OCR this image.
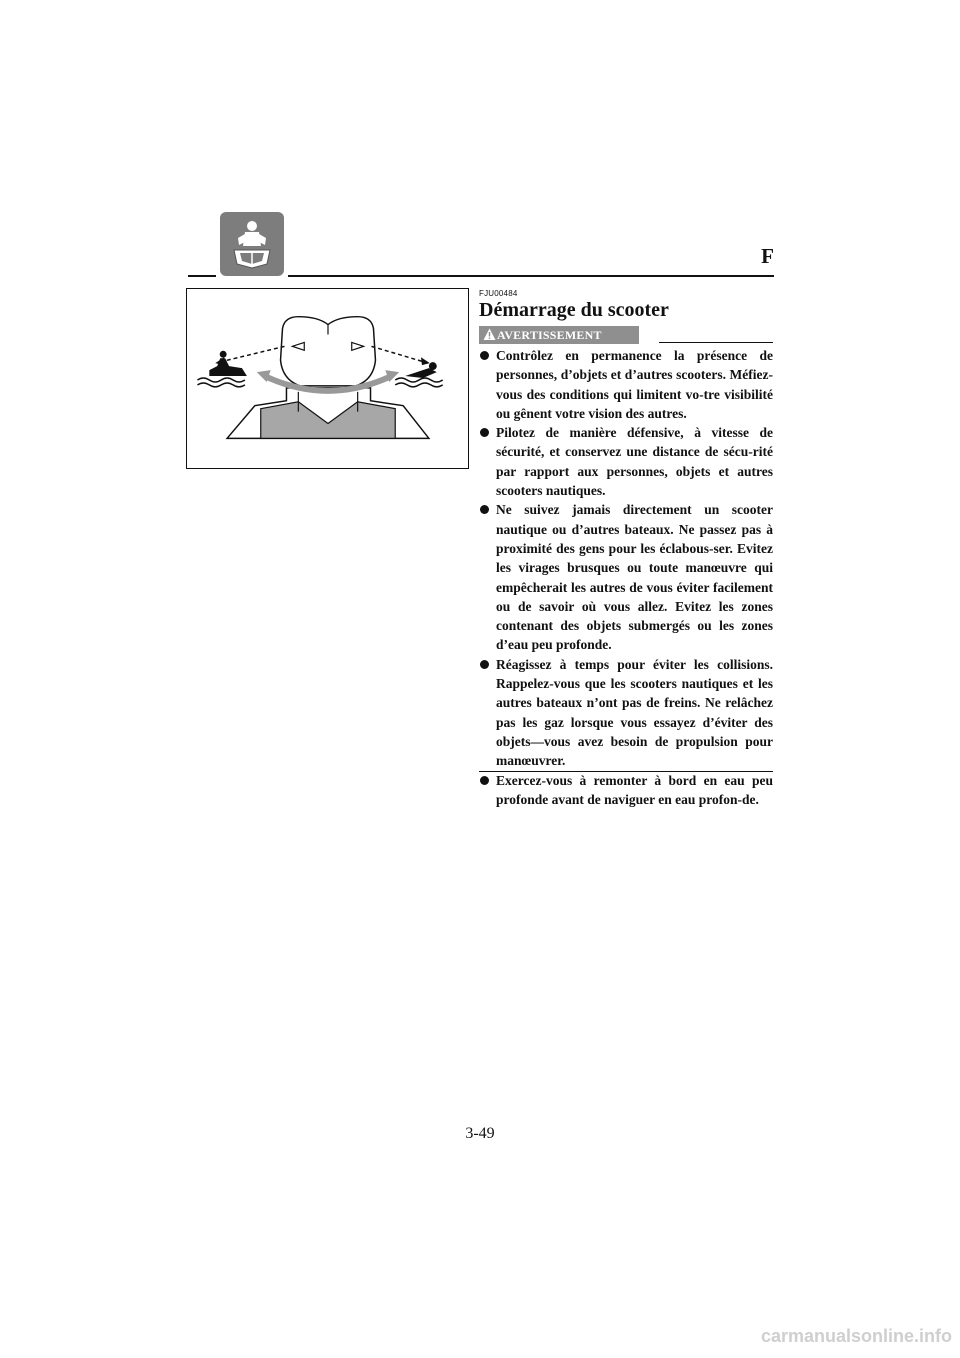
F
FJU00484
Démarrage du scooter
AVERTISSEMENT
Contrôlez en permanence la présence de personnes, d’objets et d’autres scooters. Méfiez-vous des conditions qui limitent vo-tre visibilité ou gênent votre vision des autres.
Pilotez de manière défensive, à vitesse de sécurité, et conservez une distance de sécu-rité par rapport aux personnes, objets et autres scooters nautiques.
Ne suivez jamais directement un scooter nautique ou d’autres bateaux. Ne passez pas à proximité des gens pour les éclabous-ser. Evitez les virages brusques ou toute manœuvre qui empêcherait les autres de vous éviter facilement ou de savoir où vous allez. Evitez les zones contenant des objets submergés ou les zones d’eau peu profonde.
Réagissez à temps pour éviter les collisions. Rappelez-vous que les scooters nautiques et les autres bateaux n’ont pas de freins. Ne relâchez pas les gaz lorsque vous essayez d’éviter des objets—vous avez besoin de propulsion pour manœuvrer.
Exercez-vous à remonter à bord en eau peu profonde avant de naviguer en eau profon-de.
3-49
carmanualsonline.info
